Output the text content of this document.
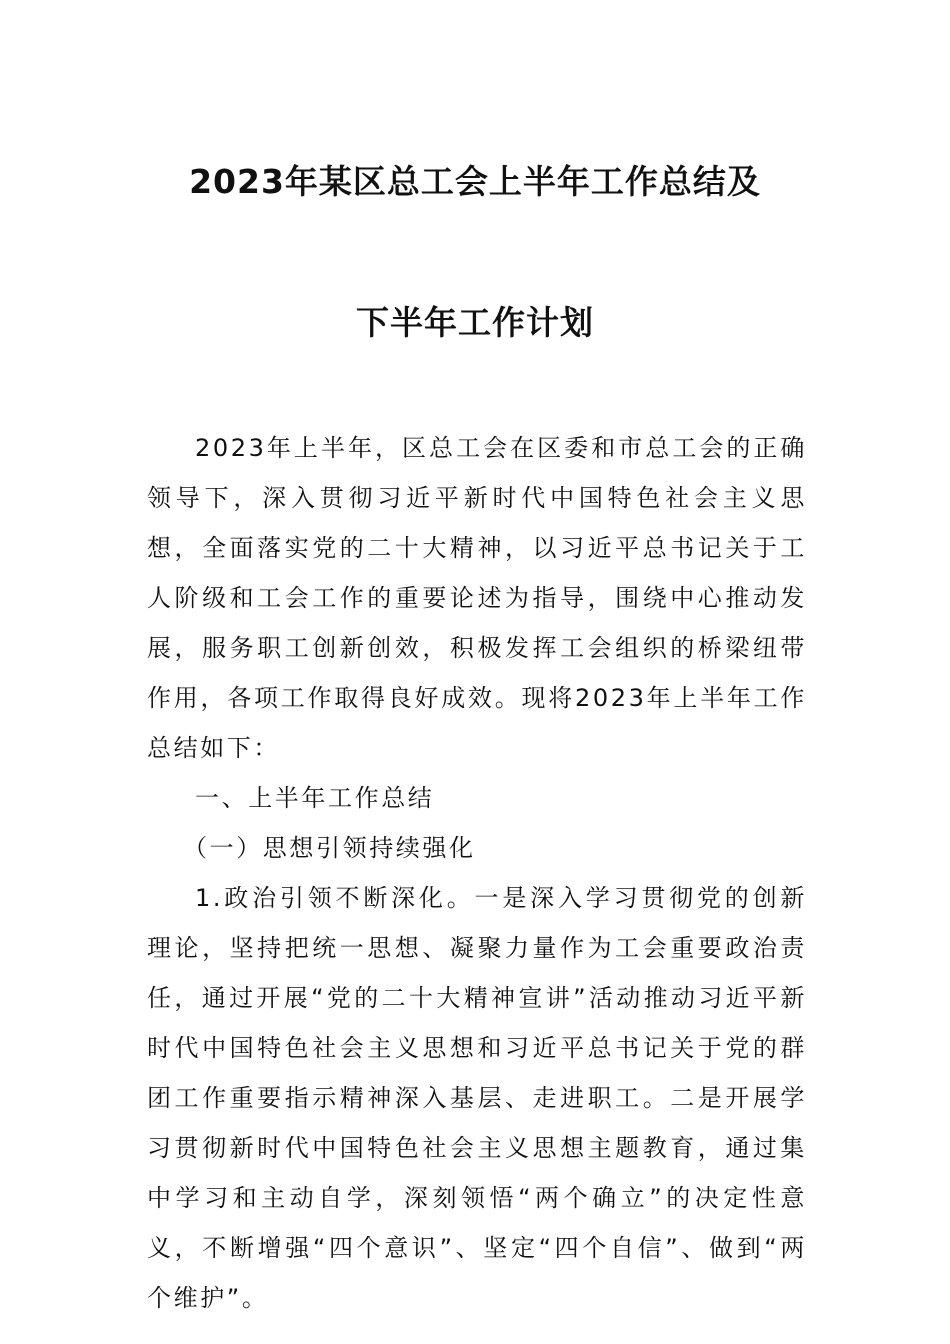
2023年某区总工会上半年工作总结及
下半年工作计划

2023年上半年，区总工会在区委和市总工会的正确领导下，深入贯彻习近平新时代中国特色社会主义思想，全面落实党的二十大精神，以习近平总书记关于工人阶级和工会工作的重要论述为指导，围绕中心推动发展，服务职工创新创效，积极发挥工会组织的桥梁纽带作用，各项工作取得良好成效。现将2023年上半年工作总结如下：

一、上半年工作总结

（一）思想引领持续强化

1.政治引领不断深化。一是深入学习贯彻党的创新理论，坚持把统一思想、凝聚力量作为工会重要政治责任，通过开展“党的二十大精神宣讲”活动推动习近平新时代中国特色社会主义思想和习近平总书记关于党的群团工作重要指示精神深入基层、走进职工。二是开展学习贯彻新时代中国特色社会主义思想主题教育，通过集中学习和主动自学，深刻领悟“两个确立”的决定性意义，不断增强“四个意识”、坚定“四个自信”、做到“两个维护”。
